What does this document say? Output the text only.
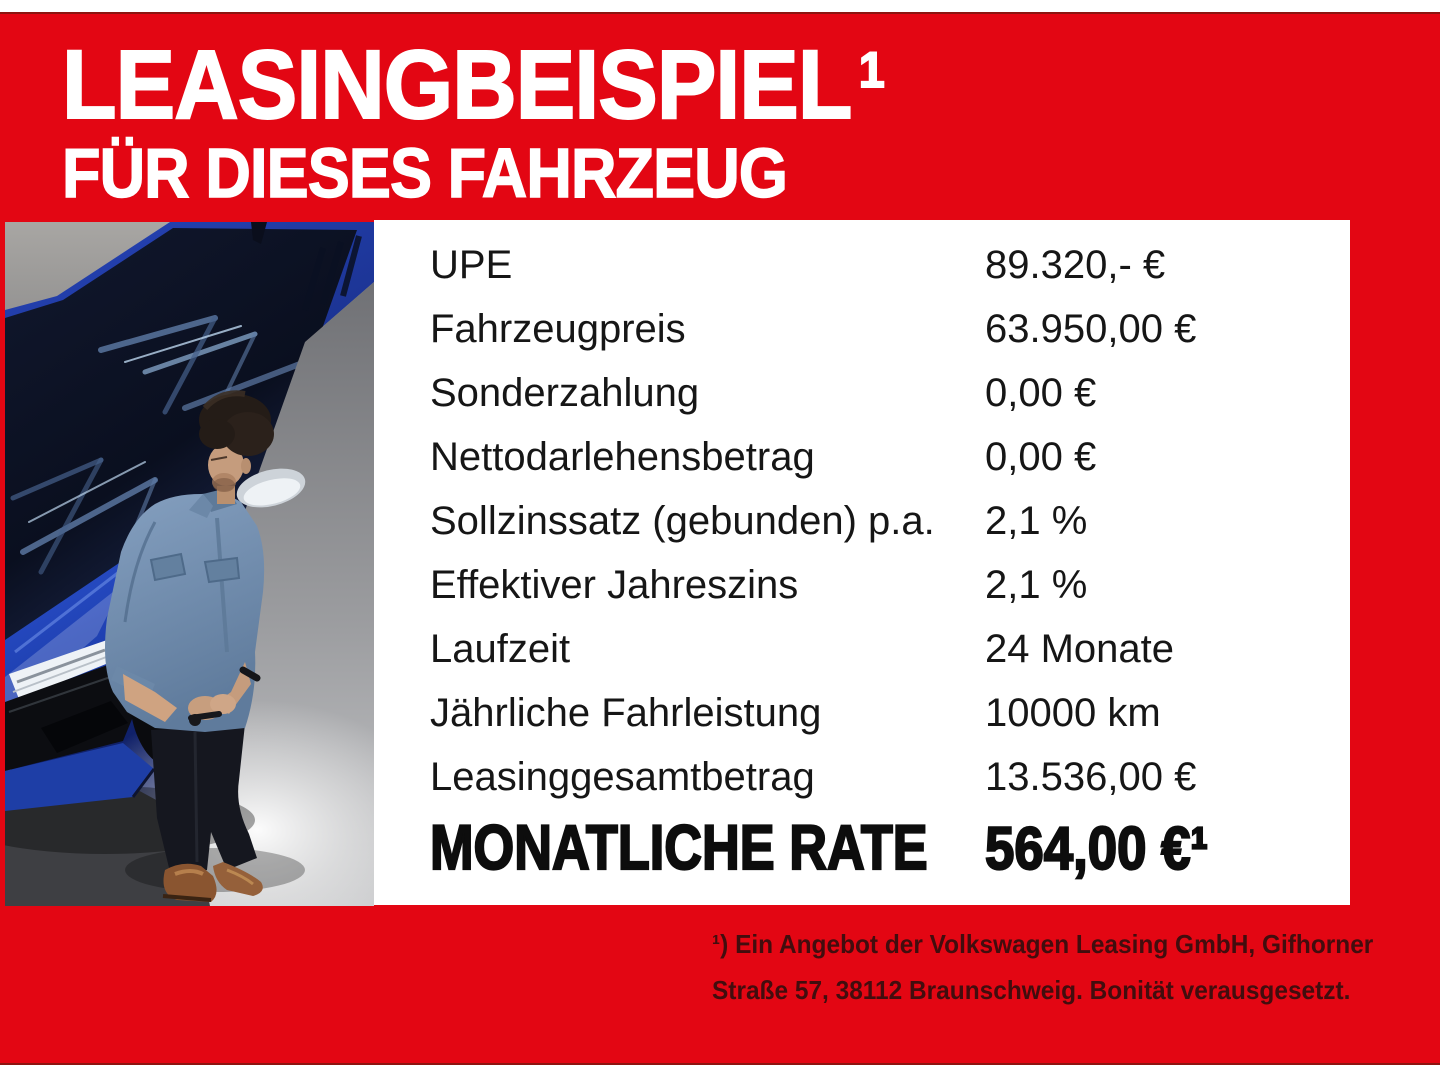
LEASINGBEISPIEL $^1$
FÜR DIESES FAHRZEUG
UPE	89.320,- €
Fahrzeugpreis	63.950,00 €
Sonderzahlung	0,00 €
Nettodarlehensbetrag	0,00 €
Sollzinssatz (gebunden) p.a.	2,1 %
Effektiver Jahreszins	2,1 %
Laufzeit	24 Monate
Jährliche Fahrleistung	10000 km
Leasinggesamtbetrag	13.536,00 €
MONATLICHE RATE 564,00 €¹
¹) Ein Angebot der Volkswagen Leasing GmbH, Gifhorner
Straße 57, 38112 Braunschweig. Bonität verausgesetzt.
